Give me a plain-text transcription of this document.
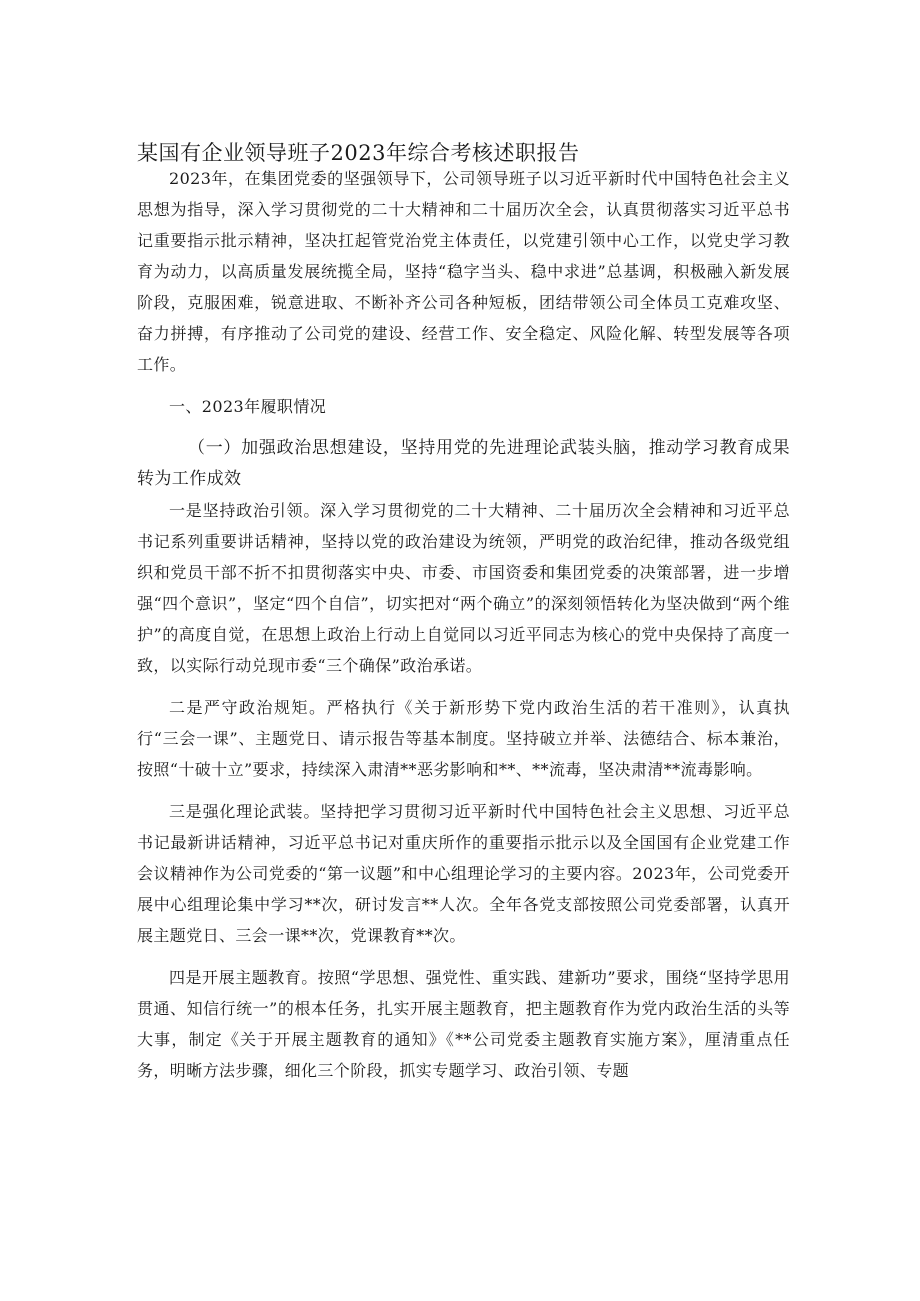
某国有企业领导班子2023年综合考核述职报告

2023年，在集团党委的坚强领导下，公司领导班子以习近平新时代中国特色社会主义思想为指导，深入学习贯彻党的二十大精神和二十届历次全会，认真贯彻落实习近平总书记重要指示批示精神，坚决扛起管党治党主体责任，以党建引领中心工作，以党史学习教育为动力，以高质量发展统揽全局，坚持“稳字当头、稳中求进”总基调，积极融入新发展阶段，克服困难，锐意进取、不断补齐公司各种短板，团结带领公司全体员工克难攻坚、奋力拼搏，有序推动了公司党的建设、经营工作、安全稳定、风险化解、转型发展等各项工作。

一、2023年履职情况

（一）加强政治思想建设，坚持用党的先进理论武装头脑，推动学习教育成果转为工作成效

一是坚持政治引领。深入学习贯彻党的二十大精神、二十届历次全会精神和习近平总书记系列重要讲话精神，坚持以党的政治建设为统领，严明党的政治纪律，推动各级党组织和党员干部不折不扣贯彻落实中央、市委、市国资委和集团党委的决策部署，进一步增强“四个意识”，坚定“四个自信”，切实把对“两个确立”的深刻领悟转化为坚决做到“两个维护”的高度自觉，在思想上政治上行动上自觉同以习近平同志为核心的党中央保持了高度一致，以实际行动兑现市委“三个确保”政治承诺。

二是严守政治规矩。严格执行《关于新形势下党内政治生活的若干准则》，认真执行“三会一课”、主题党日、请示报告等基本制度。坚持破立并举、法德结合、标本兼治，按照“十破十立”要求，持续深入肃清**恶劣影响和**、**流毒，坚决肃清**流毒影响。

三是强化理论武装。坚持把学习贯彻习近平新时代中国特色社会主义思想、习近平总书记最新讲话精神，习近平总书记对重庆所作的重要指示批示以及全国国有企业党建工作会议精神作为公司党委的“第一议题”和中心组理论学习的主要内容。2023年，公司党委开展中心组理论集中学习**次，研讨发言**人次。全年各党支部按照公司党委部署，认真开展主题党日、三会一课**次，党课教育**次。

四是开展主题教育。按照“学思想、强党性、重实践、建新功”要求，围绕“坚持学思用贯通、知信行统一”的根本任务，扎实开展主题教育，把主题教育作为党内政治生活的头等大事，制定《关于开展主题教育的通知》《**公司党委主题教育实施方案》，厘清重点任务，明晰方法步骤，细化三个阶段，抓实专题学习、政治引领、专题
